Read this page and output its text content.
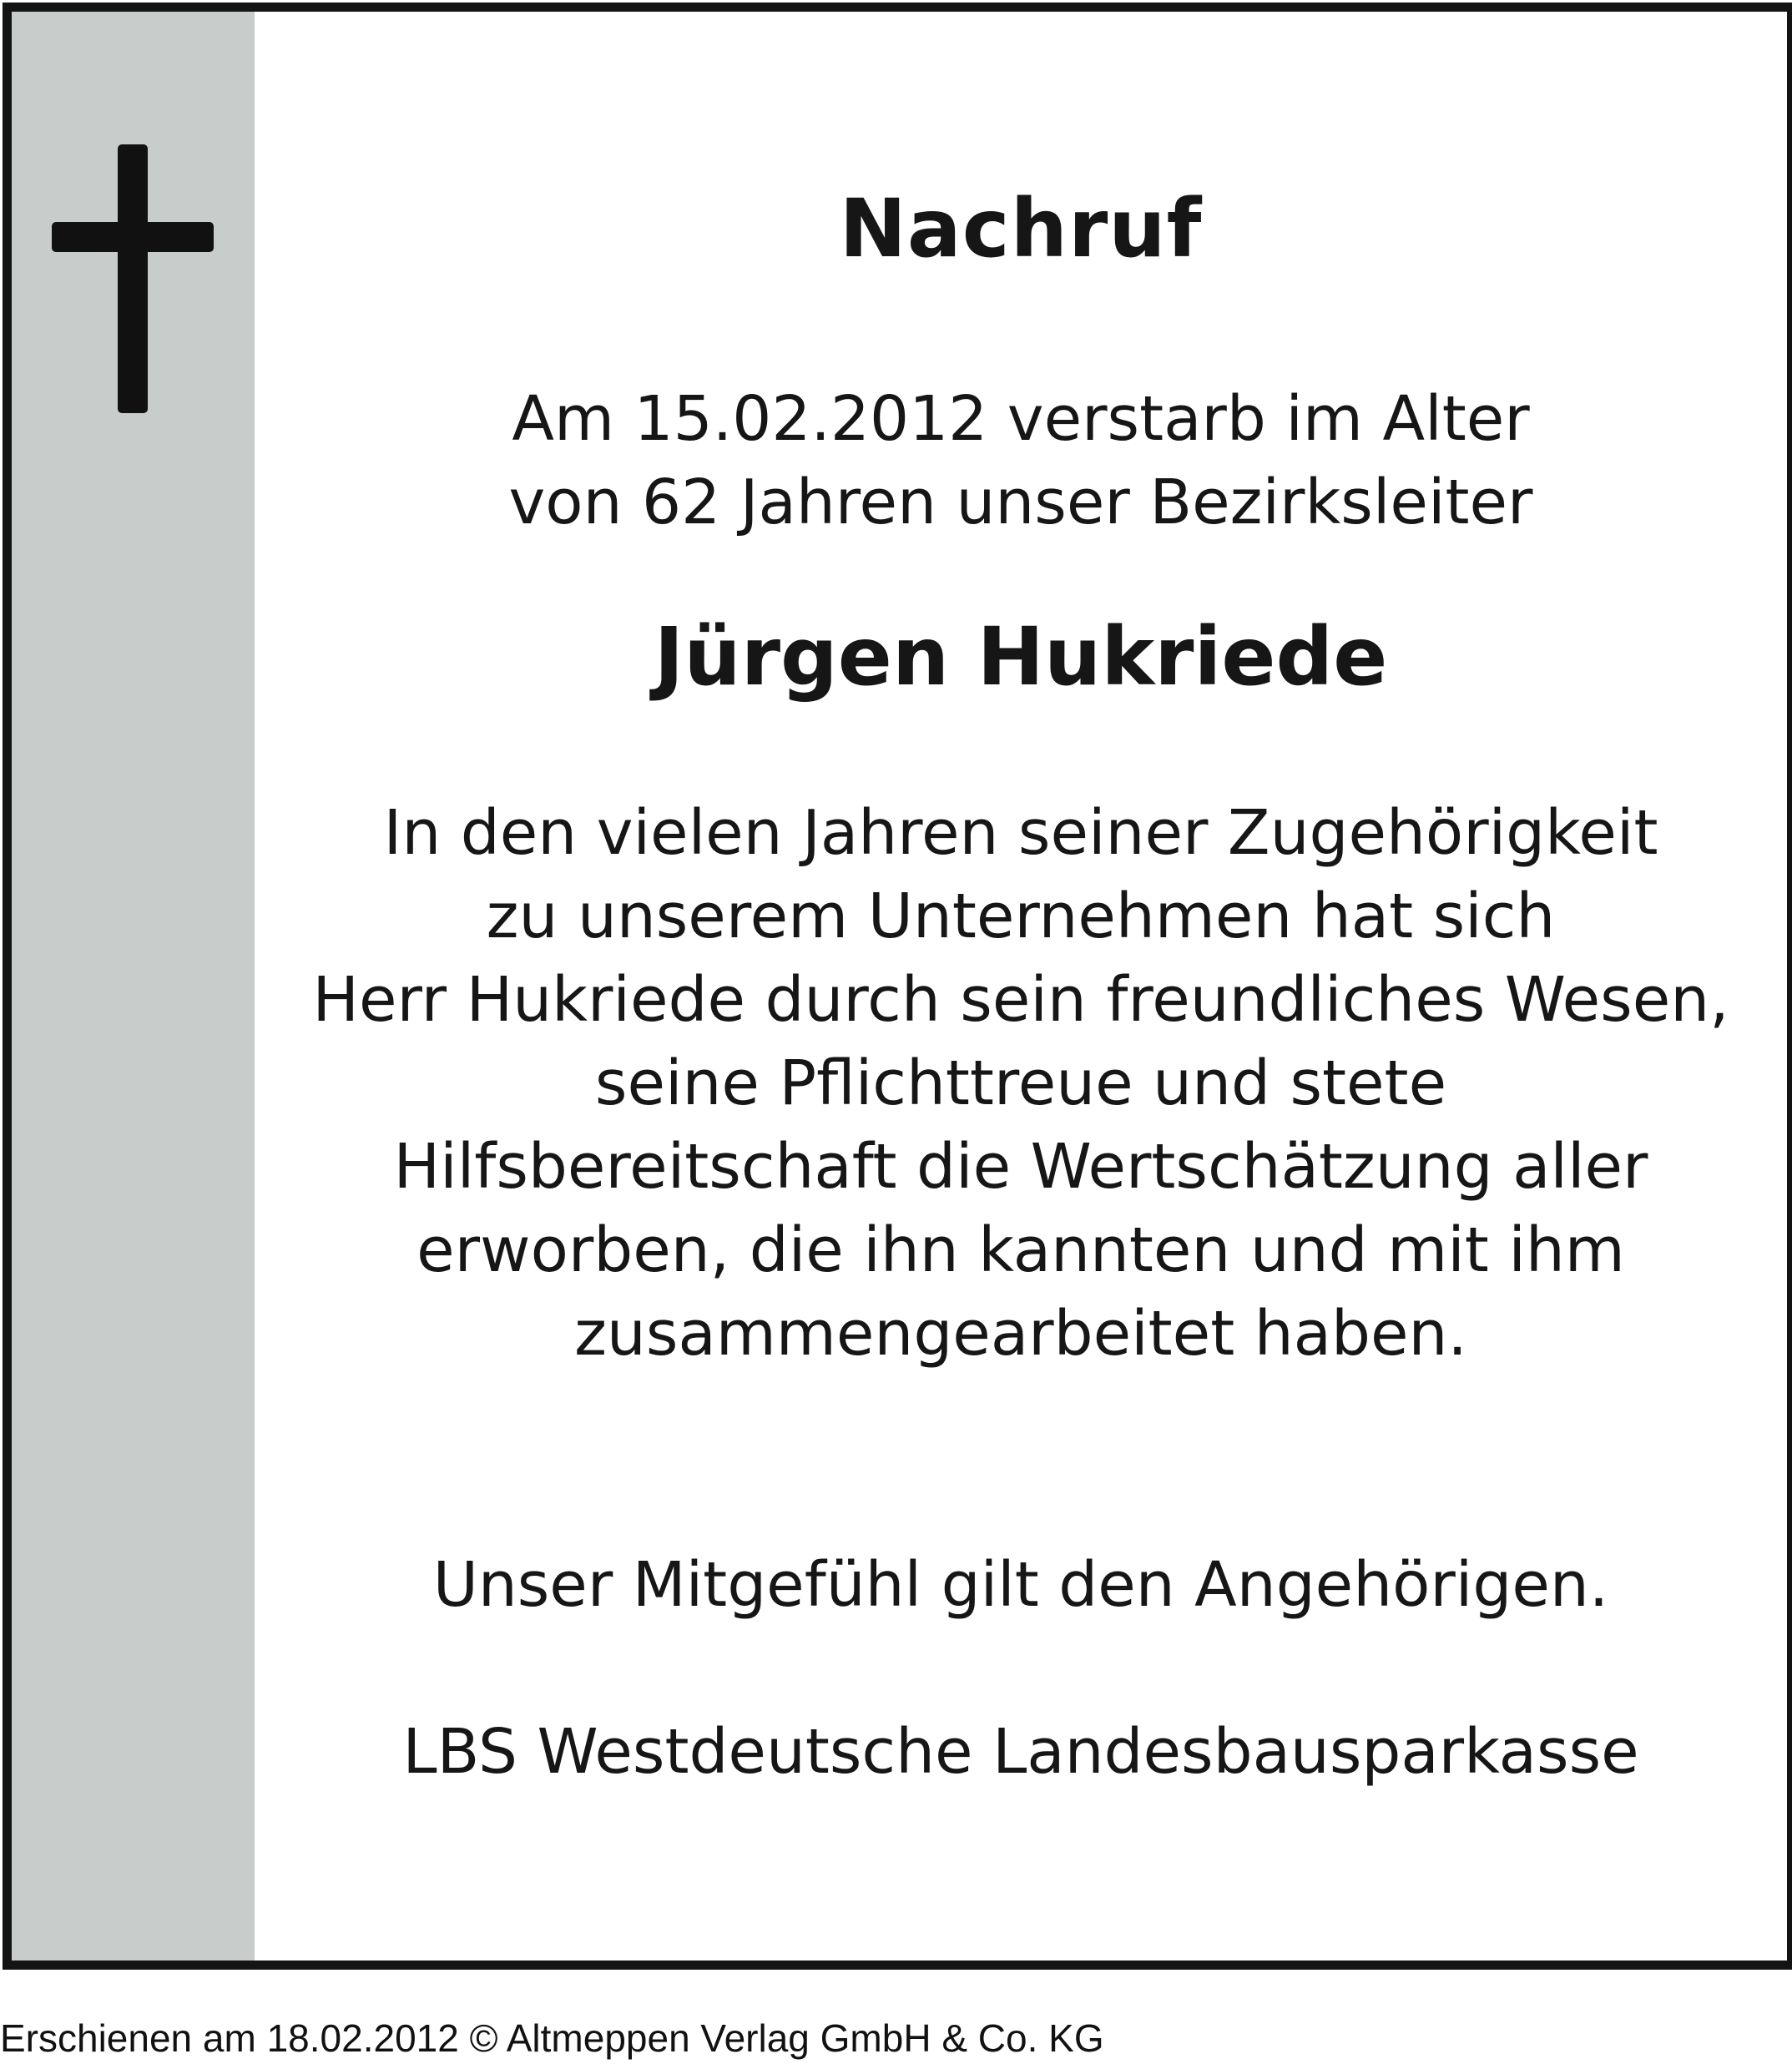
Nachruf
Am 15.02.2012 verstarb im Alter
von 62 Jahren unser Bezirksleiter
Jürgen Hukriede
In den vielen Jahren seiner Zugehörigkeit
zu unserem Unternehmen hat sich
Herr Hukriede durch sein freundliches Wesen,
seine Pflichttreue und stete
Hilfsbereitschaft die Wertschätzung aller
erworben, die ihn kannten und mit ihm
zusammengearbeitet haben.
Unser Mitgefühl gilt den Angehörigen.
LBS Westdeutsche Landesbausparkasse
Erschienen am 18.02.2012 © Altmeppen Verlag GmbH & Co. KG
